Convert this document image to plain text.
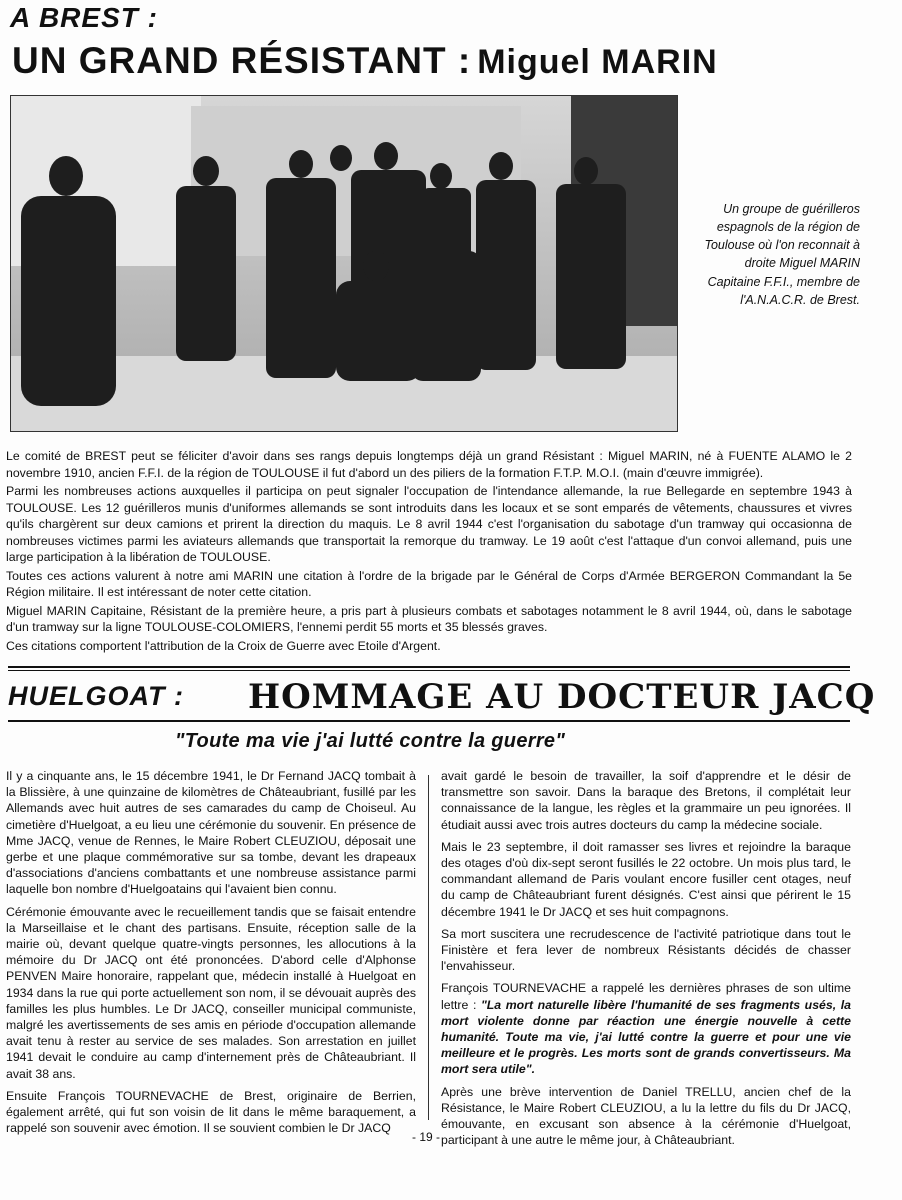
A BREST :
UN GRAND RÉSISTANT : Miguel MARIN
Un groupe de guérilleros espagnols de la région de Toulouse où l'on reconnait à droite Miguel MARIN Capitaine F.F.I., membre de l'A.N.A.C.R. de Brest.

Le comité de BREST peut se féliciter d'avoir dans ses rangs depuis longtemps déjà un grand Résistant : Miguel MARIN, né à FUENTE ALAMO le 2 novembre 1910, ancien F.F.I. de la région de TOULOUSE il fut d'abord un des piliers de la formation F.T.P. M.O.I. (main d'œuvre immigrée).

Parmi les nombreuses actions auxquelles il participa on peut signaler l'occupation de l'intendance allemande, la rue Bellegarde en septembre 1943 à TOULOUSE. Les 12 guérilleros munis d'uniformes allemands se sont introduits dans les locaux et se sont emparés de vêtements, chaussures et vivres qu'ils chargèrent sur deux camions et prirent la direction du maquis. Le 8 avril 1944 c'est l'organisation du sabotage d'un tramway qui occasionna de nombreuses victimes parmi les aviateurs allemands que transportait la remorque du tramway. Le 19 août c'est l'attaque d'un convoi allemand, puis une large participation à la libération de TOULOUSE.

Toutes ces actions valurent à notre ami MARIN une citation à l'ordre de la brigade par le Général de Corps d'Armée BERGERON Commandant la 5e Région militaire. Il est intéressant de noter cette citation.

Miguel MARIN Capitaine, Résistant de la première heure, a pris part à plusieurs combats et sabotages notamment le 8 avril 1944, où, dans le sabotage d'un tramway sur la ligne TOULOUSE-COLOMIERS, l'ennemi perdit 55 morts et 35 blessés graves.

Ces citations comportent l'attribution de la Croix de Guerre avec Etoile d'Argent.

HUELGOAT : HOMMAGE AU DOCTEUR JACQ
"Toute ma vie j'ai lutté contre la guerre"

Il y a cinquante ans, le 15 décembre 1941, le Dr Fernand JACQ tombait à la Blissière, à une quinzaine de kilomètres de Châteaubriant, fusillé par les Allemands avec huit autres de ses camarades du camp de Choiseul. Au cimetière d'Huelgoat, a eu lieu une cérémonie du souvenir. En présence de Mme JACQ, venue de Rennes, le Maire Robert CLEUZIOU, déposait une gerbe et une plaque commémorative sur sa tombe, devant les drapeaux d'associations d'anciens combattants et une nombreuse assistance parmi laquelle bon nombre d'Huelgoatains qui l'avaient bien connu.

Cérémonie émouvante avec le recueillement tandis que se faisait entendre la Marseillaise et le chant des partisans. Ensuite, réception salle de la mairie où, devant quelque quatre-vingts personnes, les allocutions à la mémoire du Dr JACQ ont été prononcées. D'abord celle d'Alphonse PENVEN Maire honoraire, rappelant que, médecin installé à Huelgoat en 1934 dans la rue qui porte actuellement son nom, il se dévouait auprès des familles les plus humbles. Le Dr JACQ, conseiller municipal communiste, malgré les avertissements de ses amis en période d'occupation allemande avait tenu à rester au service de ses malades. Son arrestation en juillet 1941 devait le conduire au camp d'internement près de Châteaubriant. Il avait 38 ans.

Ensuite François TOURNEVACHE de Brest, originaire de Berrien, également arrêté, qui fut son voisin de lit dans le même baraquement, a rappelé son souvenir avec émotion. Il se souvient combien le Dr JACQ

avait gardé le besoin de travailler, la soif d'apprendre et le désir de transmettre son savoir. Dans la baraque des Bretons, il complétait leur connaissance de la langue, les règles et la grammaire un peu ignorées. Il étudiait aussi avec trois autres docteurs du camp la médecine sociale.

Mais le 23 septembre, il doit ramasser ses livres et rejoindre la baraque des otages d'où dix-sept seront fusillés le 22 octobre. Un mois plus tard, le commandant allemand de Paris voulant encore fusiller cent otages, neuf du camp de Châteaubriant furent désignés. C'est ainsi que périrent le 15 décembre 1941 le Dr JACQ et ses huit compagnons.

Sa mort suscitera une recrudescence de l'activité patriotique dans tout le Finistère et fera lever de nombreux Résistants décidés de chasser l'envahisseur.

François TOURNEVACHE a rappelé les dernières phrases de son ultime lettre : "La mort naturelle libère l'humanité de ses fragments usés, la mort violente donne par réaction une énergie nouvelle à cette humanité. Toute ma vie, j'ai lutté contre la guerre et pour une vie meilleure et le progrès. Les morts sont de grands convertisseurs. Ma mort sera utile".

Après une brève intervention de Daniel TRELLU, ancien chef de la Résistance, le Maire Robert CLEUZIOU, a lu la lettre du fils du Dr JACQ, émouvante, en excusant son absence à la cérémonie d'Huelgoat, participant à une autre le même jour, à Châteaubriant.

- 19 -
